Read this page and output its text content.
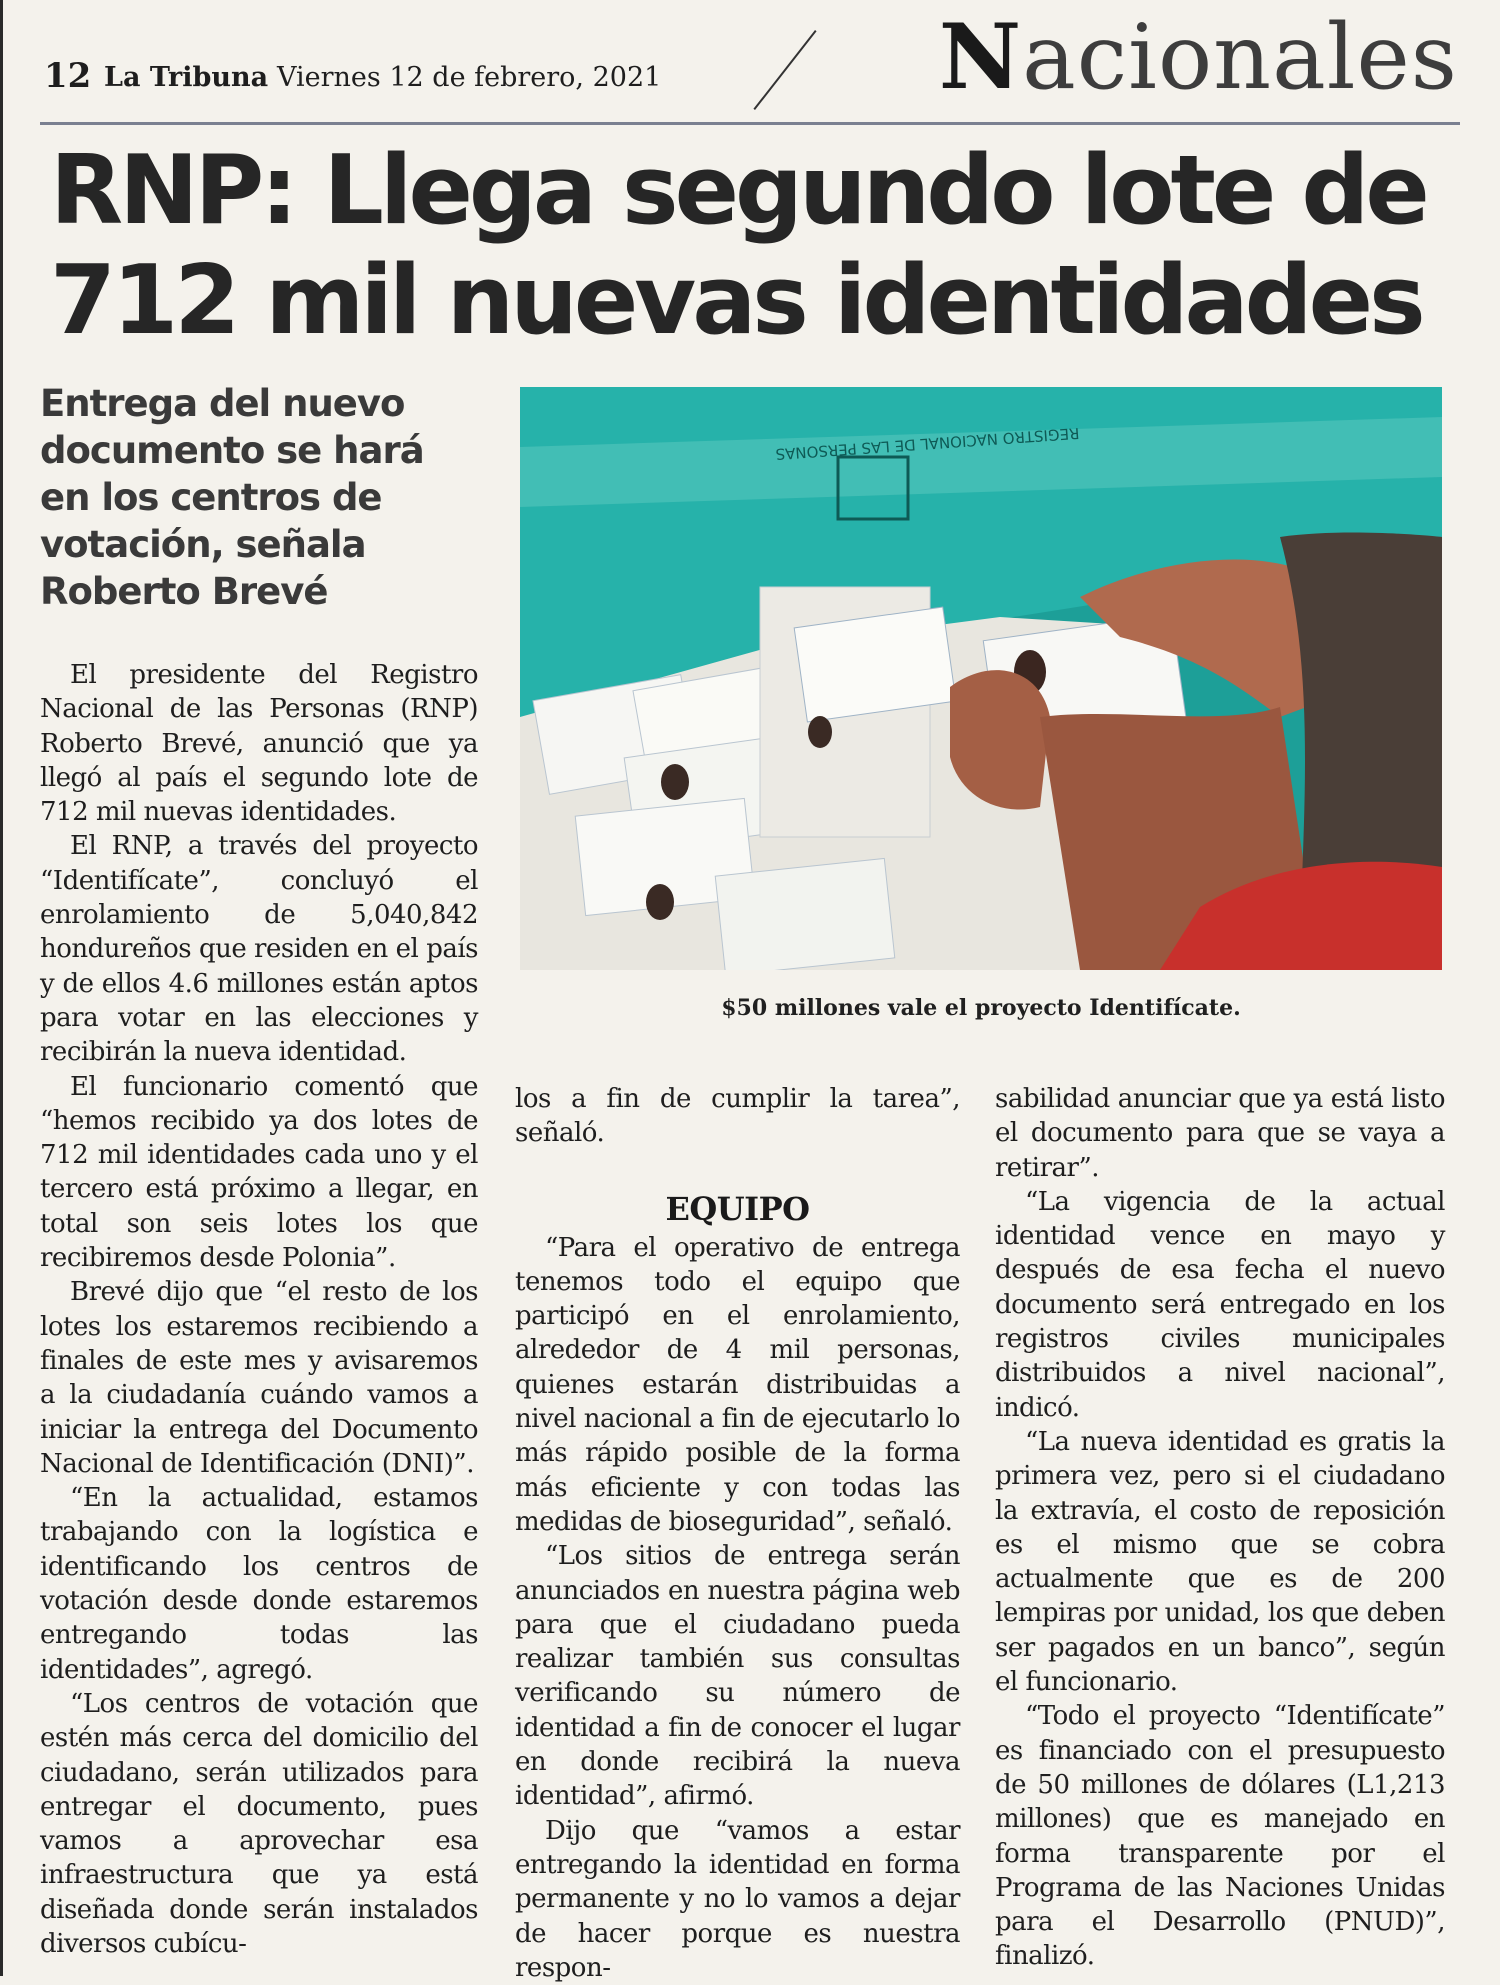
12 La Tribuna Viernes 12 de febrero, 2021	Nacionales
RNP: Llega segundo lote de
712 mil nuevas identidades

Entrega del nuevo documento se hará en los centros de votación, señala Roberto Brevé

REGISTRO NACIONAL DE LAS PERSONAS

$50 millones vale el proyecto Identifícate.

El presidente del Registro Nacional de las Personas (RNP) Roberto Brevé, anunció que ya llegó al país el segundo lote de 712 mil nuevas identidades.

El RNP, a través del proyecto “Identifícate”, concluyó el enrolamiento de 5,040,842 hondureños que residen en el país y de ellos 4.6 millones están aptos para votar en las elecciones y recibirán la nueva identidad.

El funcionario comentó que “hemos recibido ya dos lotes de 712 mil identidades cada uno y el tercero está próximo a llegar, en total son seis lotes los que recibiremos desde Polonia”.

Brevé dijo que “el resto de los lotes los estaremos recibiendo a finales de este mes y avisaremos a la ciudadanía cuándo vamos a iniciar la entrega del Documento Nacional de Identificación (DNI)”.

“En la actualidad, estamos trabajando con la logística e identificando los centros de votación desde donde estaremos entregando todas las identidades”, agregó.

“Los centros de votación que estén más cerca del domicilio del ciudadano, serán utilizados para entregar el documento, pues vamos a aprovechar esa infraestructura que ya está diseñada donde serán instalados diversos cubícu-

los a fin de cumplir la tarea”, señaló.

EQUIPO

“Para el operativo de entrega tenemos todo el equipo que participó en el enrolamiento, alrededor de 4 mil personas, quienes estarán distribuidas a nivel nacional a fin de ejecutarlo lo más rápido posible de la forma más eficiente y con todas las medidas de bioseguridad”, señaló.

“Los sitios de entrega serán anunciados en nuestra página web para que el ciudadano pueda realizar también sus consultas verificando su número de identidad a fin de conocer el lugar en donde recibirá la nueva identidad”, afirmó.

Dijo que “vamos a estar entregando la identidad en forma permanente y no lo vamos a dejar de hacer porque es nuestra respon-

sabilidad anunciar que ya está listo el documento para que se vaya a retirar”.

“La vigencia de la actual identidad vence en mayo y después de esa fecha el nuevo documento será entregado en los registros civiles municipales distribuidos a nivel nacional”, indicó.

“La nueva identidad es gratis la primera vez, pero si el ciudadano la extravía, el costo de reposición es el mismo que se cobra actualmente que es de 200 lempiras por unidad, los que deben ser pagados en un banco”, según el funcionario.

“Todo el proyecto “Identifícate” es financiado con el presupuesto de 50 millones de dólares (L1,213 millones) que es manejado en forma transparente por el Programa de las Naciones Unidas para el Desarrollo (PNUD)”, finalizó.
